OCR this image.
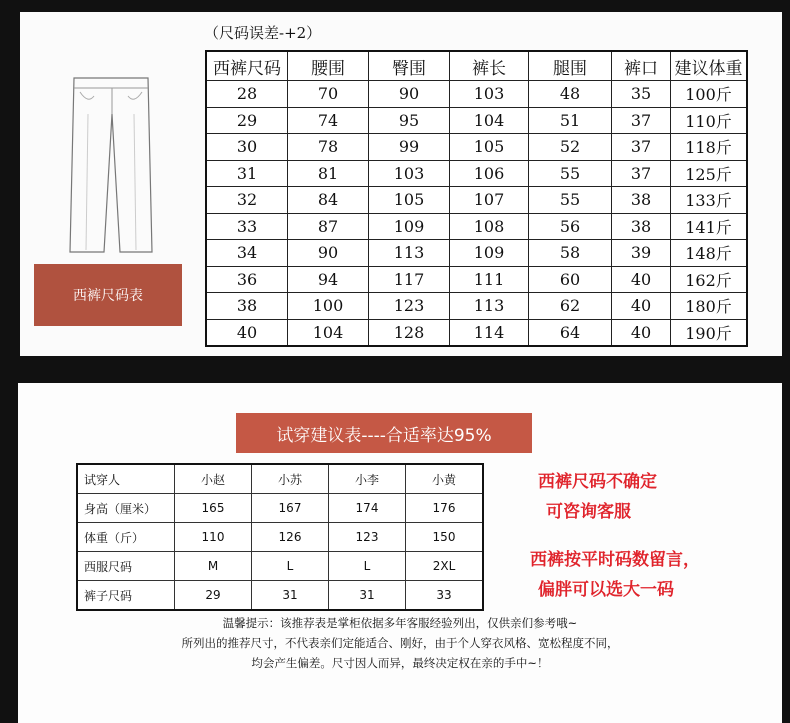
西裤尺码表
（尺码误差-+2）
西裤尺码	腰围	臀围	裤长	腿围	裤口	建议体重
28	70	90	103	48	35	100斤
29	74	95	104	51	37	110斤
30	78	99	105	52	37	118斤
31	81	103	106	55	37	125斤
32	84	105	107	55	38	133斤
33	87	109	108	56	38	141斤
34	90	113	109	58	39	148斤
36	94	117	111	60	40	162斤
38	100	123	113	62	40	180斤
40	104	128	114	64	40	190斤
试穿建议表----合适率达95%
试穿人	小赵	小苏	小李	小黄
身高（厘米）	165	167	174	176
体重（斤）	110	126	123	150
西服尺码	M	L	L	2XL
裤子尺码	29	31	31	33
西裤尺码不确定
可咨询客服
西裤按平时码数留言，
偏胖可以选大一码
温馨提示：该推荐表是掌柜依据多年客服经验列出，仅供亲们参考哦~
所列出的推荐尺寸，不代表亲们定能适合、刚好，由于个人穿衣风格、宽松程度不同，
均会产生偏差。尺寸因人而异，最终决定权在亲的手中~！
